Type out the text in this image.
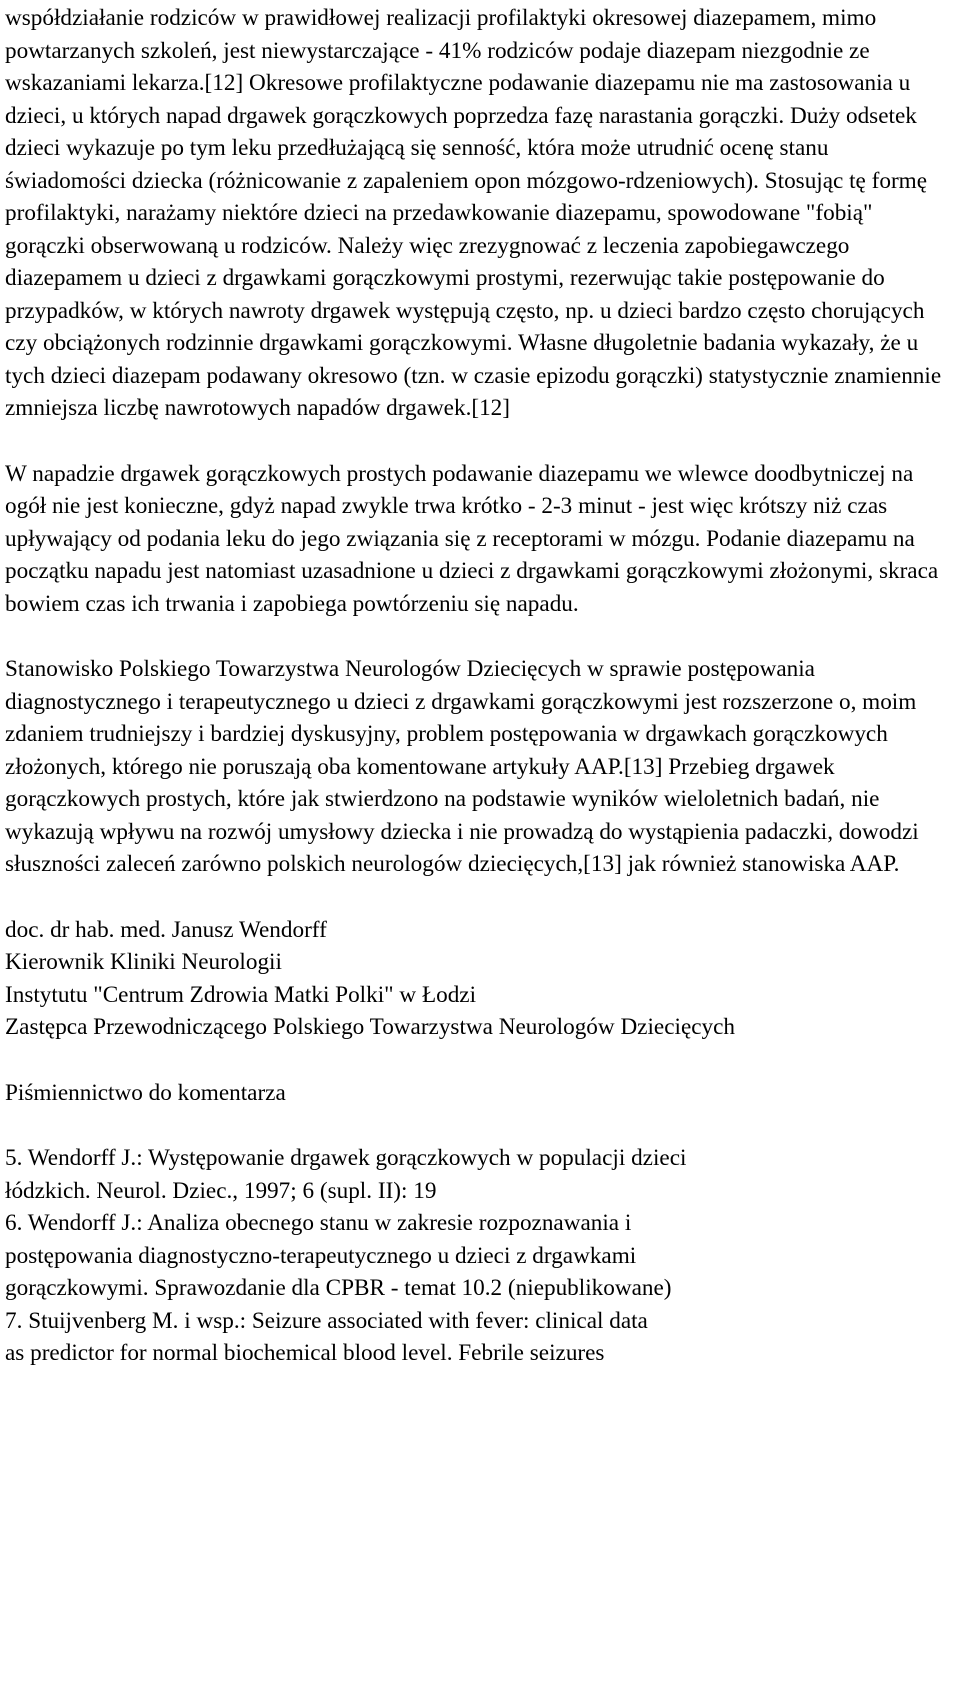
współdziałanie rodziców w prawidłowej realizacji profilaktyki okresowej diazepamem, mimo powtarzanych szkoleń, jest niewystarczające - 41% rodziców podaje diazepam niezgodnie ze wskazaniami lekarza.[12] Okresowe profilaktyczne podawanie diazepamu nie ma zastosowania u dzieci, u których napad drgawek gorączkowych poprzedza fazę narastania gorączki. Duży odsetek dzieci wykazuje po tym leku przedłużającą się senność, która może utrudnić ocenę stanu świadomości dziecka (różnicowanie z zapaleniem opon mózgowo-rdzeniowych). Stosując tę formę profilaktyki, narażamy niektóre dzieci na przedawkowanie diazepamu, spowodowane "fobią" gorączki obserwowaną u rodziców. Należy więc zrezygnować z leczenia zapobiegawczego diazepamem u dzieci z drgawkami gorączkowymi prostymi, rezerwując takie postępowanie do przypadków, w których nawroty drgawek występują często, np. u dzieci bardzo często chorujących czy obciążonych rodzinnie drgawkami gorączkowymi. Własne długoletnie badania wykazały, że u tych dzieci diazepam podawany okresowo (tzn. w czasie epizodu gorączki) statystycznie znamiennie zmniejsza liczbę nawrotowych napadów drgawek.[12]

W napadzie drgawek gorączkowych prostych podawanie diazepamu we wlewce doodbytniczej na ogół nie jest konieczne, gdyż napad zwykle trwa krótko - 2-3 minut - jest więc krótszy niż czas upływający od podania leku do jego związania się z receptorami w mózgu. Podanie diazepamu na początku napadu jest natomiast uzasadnione u dzieci z drgawkami gorączkowymi złożonymi, skraca bowiem czas ich trwania i zapobiega powtórzeniu się napadu.

Stanowisko Polskiego Towarzystwa Neurologów Dziecięcych w sprawie postępowania diagnostycznego i terapeutycznego u dzieci z drgawkami gorączkowymi jest rozszerzone o, moim zdaniem trudniejszy i bardziej dyskusyjny, problem postępowania w drgawkach gorączkowych złożonych, którego nie poruszają oba komentowane artykuły AAP.[13] Przebieg drgawek gorączkowych prostych, które jak stwierdzono na podstawie wyników wieloletnich badań, nie wykazują wpływu na rozwój umysłowy dziecka i nie prowadzą do wystąpienia padaczki, dowodzi słuszności zaleceń zarówno polskich neurologów dziecięcych,[13] jak również stanowiska AAP.

doc. dr hab. med. Janusz Wendorff

Kierownik Kliniki Neurologii

Instytutu "Centrum Zdrowia Matki Polki" w Łodzi

Zastępca Przewodniczącego Polskiego Towarzystwa Neurologów Dziecięcych

Piśmiennictwo do komentarza

5. Wendorff J.: Występowanie drgawek gorączkowych w populacji dzieci

łódzkich. Neurol. Dziec., 1997; 6 (supl. II): 19

6. Wendorff J.: Analiza obecnego stanu w zakresie rozpoznawania i

postępowania diagnostyczno-terapeutycznego u dzieci z drgawkami

gorączkowymi. Sprawozdanie dla CPBR - temat 10.2 (niepublikowane)

7. Stuijvenberg M. i wsp.: Seizure associated with fever: clinical data

as predictor for normal biochemical blood level. Febrile seizures
